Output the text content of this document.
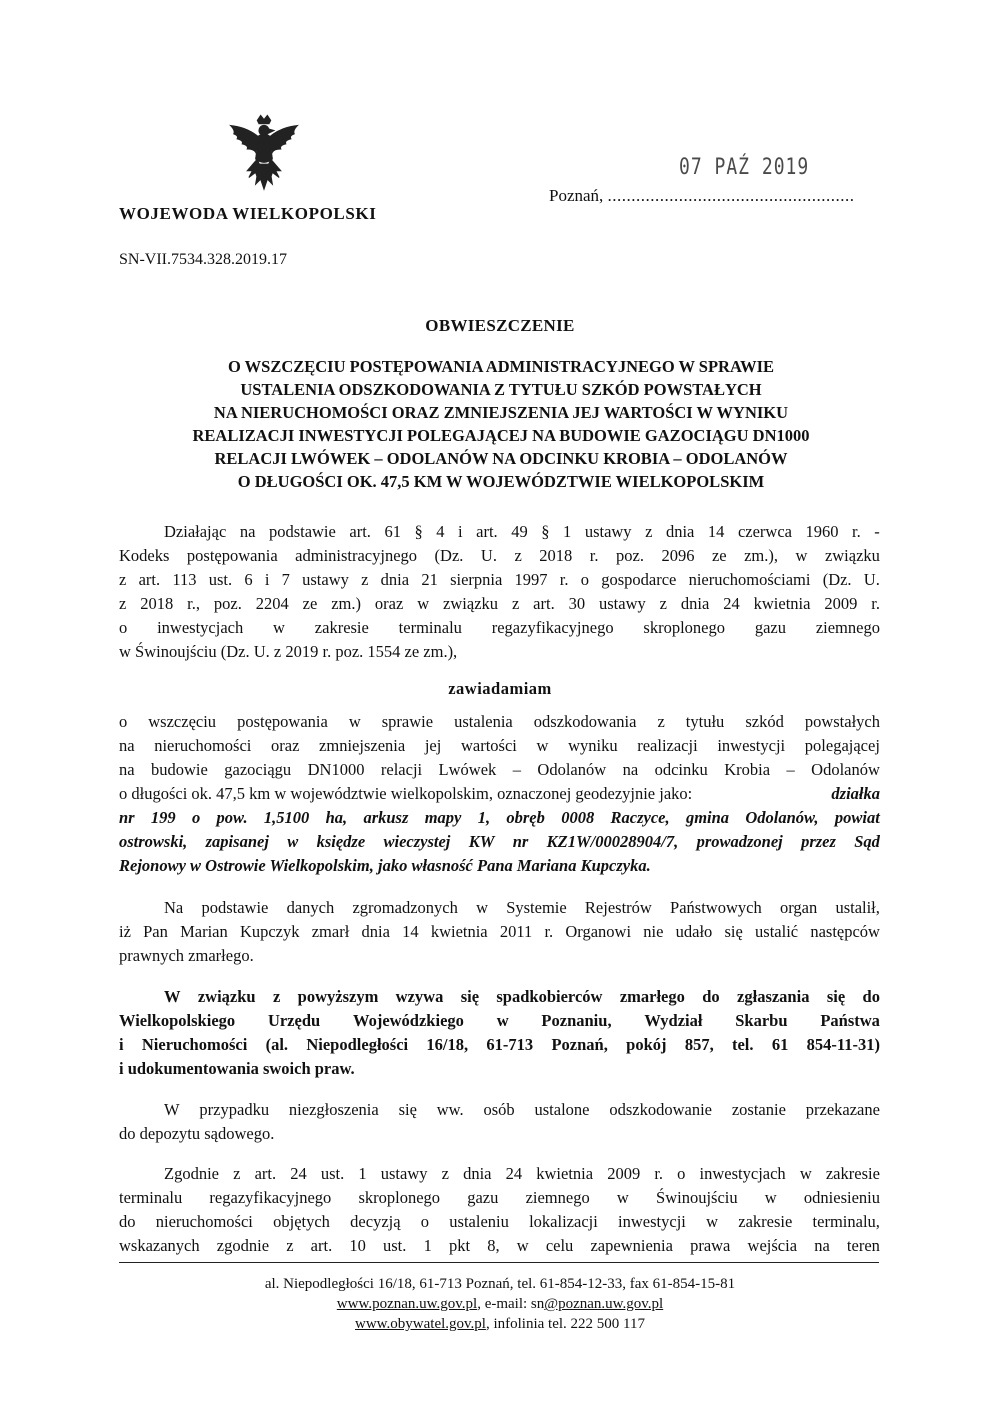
WOJEWODA WIELKOPOLSKI
SN-VII.7534.328.2019.17
07 PAŹ 2019
Poznań, ....................................................
OBWIESZCZENIE
O WSZCZĘCIU POSTĘPOWANIA ADMINISTRACYJNEGO W SPRAWIE
USTALENIA ODSZKODOWANIA Z TYTUŁU SZKÓD POWSTAŁYCH
NA NIERUCHOMOŚCI ORAZ ZMNIEJSZENIA JEJ WARTOŚCI W WYNIKU
REALIZACJI INWESTYCJI POLEGAJĄCEJ NA BUDOWIE GAZOCIĄGU DN1000
RELACJI LWÓWEK – ODOLANÓW NA ODCINKU KROBIA – ODOLANÓW
O DŁUGOŚCI OK. 47,5 KM W WOJEWÓDZTWIE WIELKOPOLSKIM
Działając na podstawie art. 61 § 4 i art. 49 § 1 ustawy z dnia 14 czerwca 1960 r. -
Kodeks postępowania administracyjnego (Dz. U. z 2018 r. poz. 2096 ze zm.), w związku
z art. 113 ust. 6 i 7 ustawy z dnia 21 sierpnia 1997 r. o gospodarce nieruchomościami (Dz. U.
z 2018 r., poz. 2204 ze zm.) oraz w związku z art. 30 ustawy z dnia 24 kwietnia 2009 r.
o inwestycjach w zakresie terminalu regazyfikacyjnego skroplonego gazu ziemnego
w Świnoujściu (Dz. U. z 2019 r. poz. 1554 ze zm.),
zawiadamiam
o wszczęciu postępowania w sprawie ustalenia odszkodowania z tytułu szkód powstałych
na nieruchomości oraz zmniejszenia jej wartości w wyniku realizacji inwestycji polegającej
na budowie gazociągu DN1000 relacji Lwówek – Odolanów na odcinku Krobia – Odolanów
o długości ok. 47,5 km w województwie wielkopolskim, oznaczonej geodezyjnie jako:	działka
nr 199 o pow. 1,5100 ha, arkusz mapy 1, obręb 0008 Raczyce, gmina Odolanów, powiat
ostrowski, zapisanej w księdze wieczystej KW nr KZ1W/00028904/7, prowadzonej przez Sąd
Rejonowy w Ostrowie Wielkopolskim, jako własność Pana Mariana Kupczyka.
Na podstawie danych zgromadzonych w Systemie Rejestrów Państwowych organ ustalił,
iż Pan Marian Kupczyk zmarł dnia 14 kwietnia 2011 r. Organowi nie udało się ustalić następców
prawnych zmarłego.
W związku z powyższym wzywa się spadkobierców zmarłego do zgłaszania się do
Wielkopolskiego Urzędu Wojewódzkiego w Poznaniu, Wydział Skarbu Państwa
i Nieruchomości (al. Niepodległości 16/18, 61-713 Poznań, pokój 857, tel. 61 854-11-31)
i udokumentowania swoich praw.
W przypadku niezgłoszenia się ww. osób ustalone odszkodowanie zostanie przekazane
do depozytu sądowego.
Zgodnie z art. 24 ust. 1 ustawy z dnia 24 kwietnia 2009 r. o inwestycjach w zakresie
terminalu regazyfikacyjnego skroplonego gazu ziemnego w Świnoujściu w odniesieniu
do nieruchomości objętych decyzją o ustaleniu lokalizacji inwestycji w zakresie terminalu,
wskazanych zgodnie z art. 10 ust. 1 pkt 8, w celu zapewnienia prawa wejścia na teren
al. Niepodległości 16/18, 61-713 Poznań, tel. 61-854-12-33, fax 61-854-15-81
www.poznan.uw.gov.pl, e-mail: sn@poznan.uw.gov.pl
www.obywatel.gov.pl, infolinia tel. 222 500 117
